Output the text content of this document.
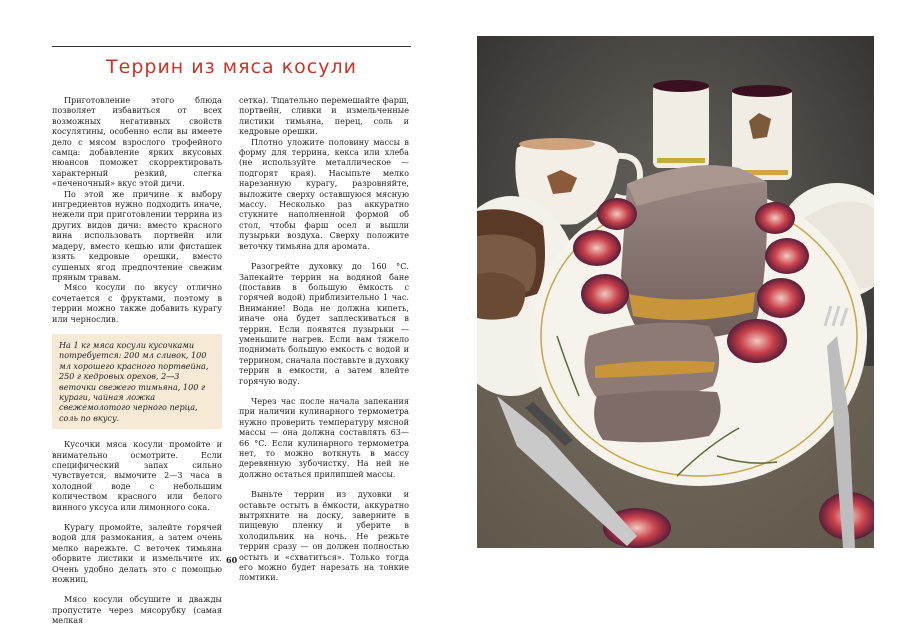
Террин из мяса косули

Приготовление этого блюда позволяет избавиться от всех возможных негативных свойств косулятины, особенно если вы имеете дело с мясом взрослого трофейного самца: добавление ярких вкусовых нюансов поможет скорректировать характерный резкий, слегка «печеночный» вкус этой дичи.

По этой же причине к выбору ингредиентов нужно подходить иначе, нежели при приготовлении террина из других видов дичи: вместо красного вина использовать портвейн или мадеру, вместо кешью или фисташек взять кедровые орешки, вместо сушеных ягод предпочтение свежим пряным травам.

Мясо косули по вкусу отлично сочетается с фруктами, поэтому в террин можно также добавить курагу или чернослив.

На 1 кг мяса косули кусочками потребуется: 200 мл сливок, 100 мл хорошего красного портвейна, 250 г кедровых орехов, 2—3 веточки свежего тимьяна, 100 г кураги, чайная ложка свежемолотого черного перца, соль по вкусу.

Кусочки мяса косули промойте и внимательно осмотрите. Если специфический запах сильно чувствуется, вымочите 2—3 часа в холодной воде с небольшим количеством красного или белого винного уксуса или лимонного сока.

Курагу промойте, залейте горячей водой для размокания, а затем очень мелко нарежьте. С веточек тимьяна оборвите листики и измельчите их. Очень удобно делать это с помощью ножниц.

Мясо косули обсушите и дважды пропустите через мясорубку (самая мелкая

сетка). Тщательно перемешайте фарш, портвейн, сливки и измельченные листики тимьяна, перец, соль и кедровые орешки.

Плотно уложите половину массы в форму для террина, кекса или хлеба (не используйте металлическое — подгорят края). Насыпьте мелко нарезанную курагу, разровняйте, выложите сверху оставшуюся мясную массу. Несколько раз аккуратно стукните наполненной формой об стол, чтобы фарш осел и вышли пузырьки воздуха. Сверху положите веточку тимьяна для аромата.

Разогрейте духовку до 160 °С. Запекайте террин на водяной бане (поставив в большую ёмкость с горячей водой) приблизительно 1 час. Внимание! Вода не должна кипеть, иначе она будет заплескиваться в террин. Если появятся пузырьки — уменьшите нагрев. Если вам тяжело поднимать большую емкость с водой и террином, сначала поставьте в духовку террин в емкости, а затем влейте горячую воду.

Через час после начала запекания при наличии кулинарного термометра нужно проверить температуру мясной массы — она должна составлять 63—66 °С. Если кулинарного термометра нет, то можно воткнуть в массу деревянную зубочистку. На ней не должно остаться прилипшей массы.

Выньте террин из духовки и оставьте остыть в ёмкости, аккуратно вытряхните на доску, заверните в пищевую пленку и уберите в холодильник на ночь. Не режьте террин сразу — он должен полностью остыть и «схватиться». Только тогда его можно будет нарезать на тонкие ломтики.

60
